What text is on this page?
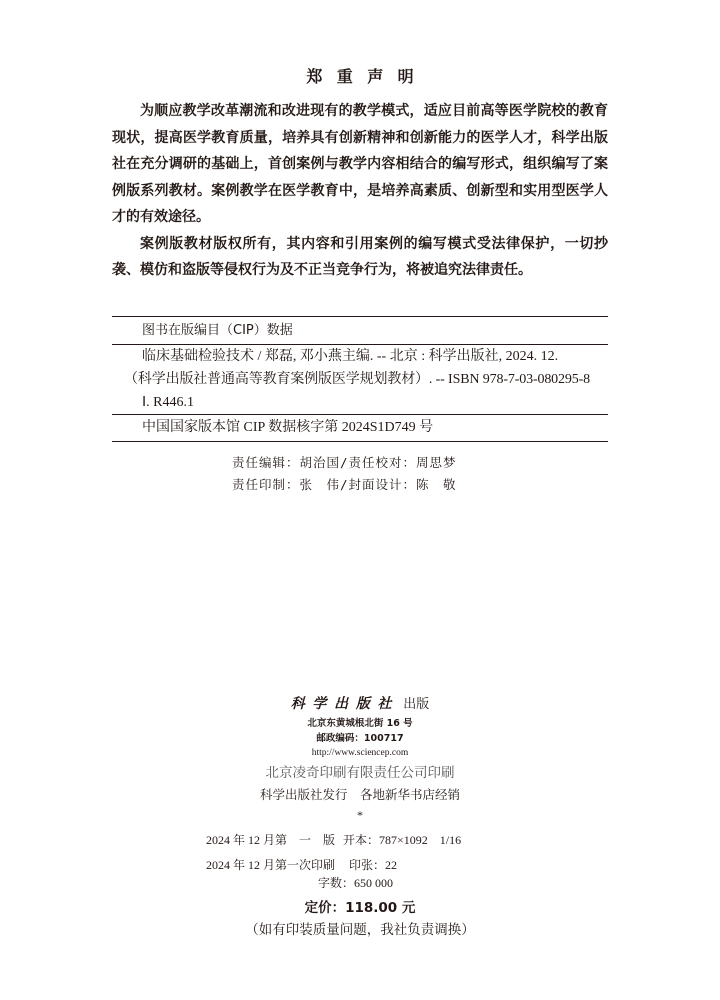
郑重声明

为顺应教学改革潮流和改进现有的教学模式，适应目前高等医学院校的教育现状，提高医学教育质量，培养具有创新精神和创新能力的医学人才，科学出版社在充分调研的基础上，首创案例与教学内容相结合的编写形式，组织编写了案例版系列教材。案例教学在医学教育中，是培养高素质、创新型和实用型医学人才的有效途径。

案例版教材版权所有，其内容和引用案例的编写模式受法律保护，一切抄袭、模仿和盗版等侵权行为及不正当竞争行为，将被追究法律责任。

图书在版编目（CIP）数据
临床基础检验技术 / 郑磊, 邓小燕主编. -- 北京 : 科学出版社, 2024. 12.
（科学出版社普通高等教育案例版医学规划教材）. -- ISBN 978-7-03-080295-8
Ⅰ. R446.1
中国国家版本馆 CIP 数据核字第 2024S1D749 号
责任编辑：胡治国/责任校对：周思梦
责任印制：张　伟/封面设计：陈　敬
科学出版社 出版
北京东黄城根北街 16 号
邮政编码：100717
http://www.sciencep.com
北京凌奇印刷有限责任公司印刷
科学出版社发行　各地新华书店经销
*
2024 年 12 月第　一　版 开本：787×1092　1/16
2024 年 12 月第一次印刷 印张：22
字数：650 000
定价：118.00 元
（如有印装质量问题，我社负责调换）
